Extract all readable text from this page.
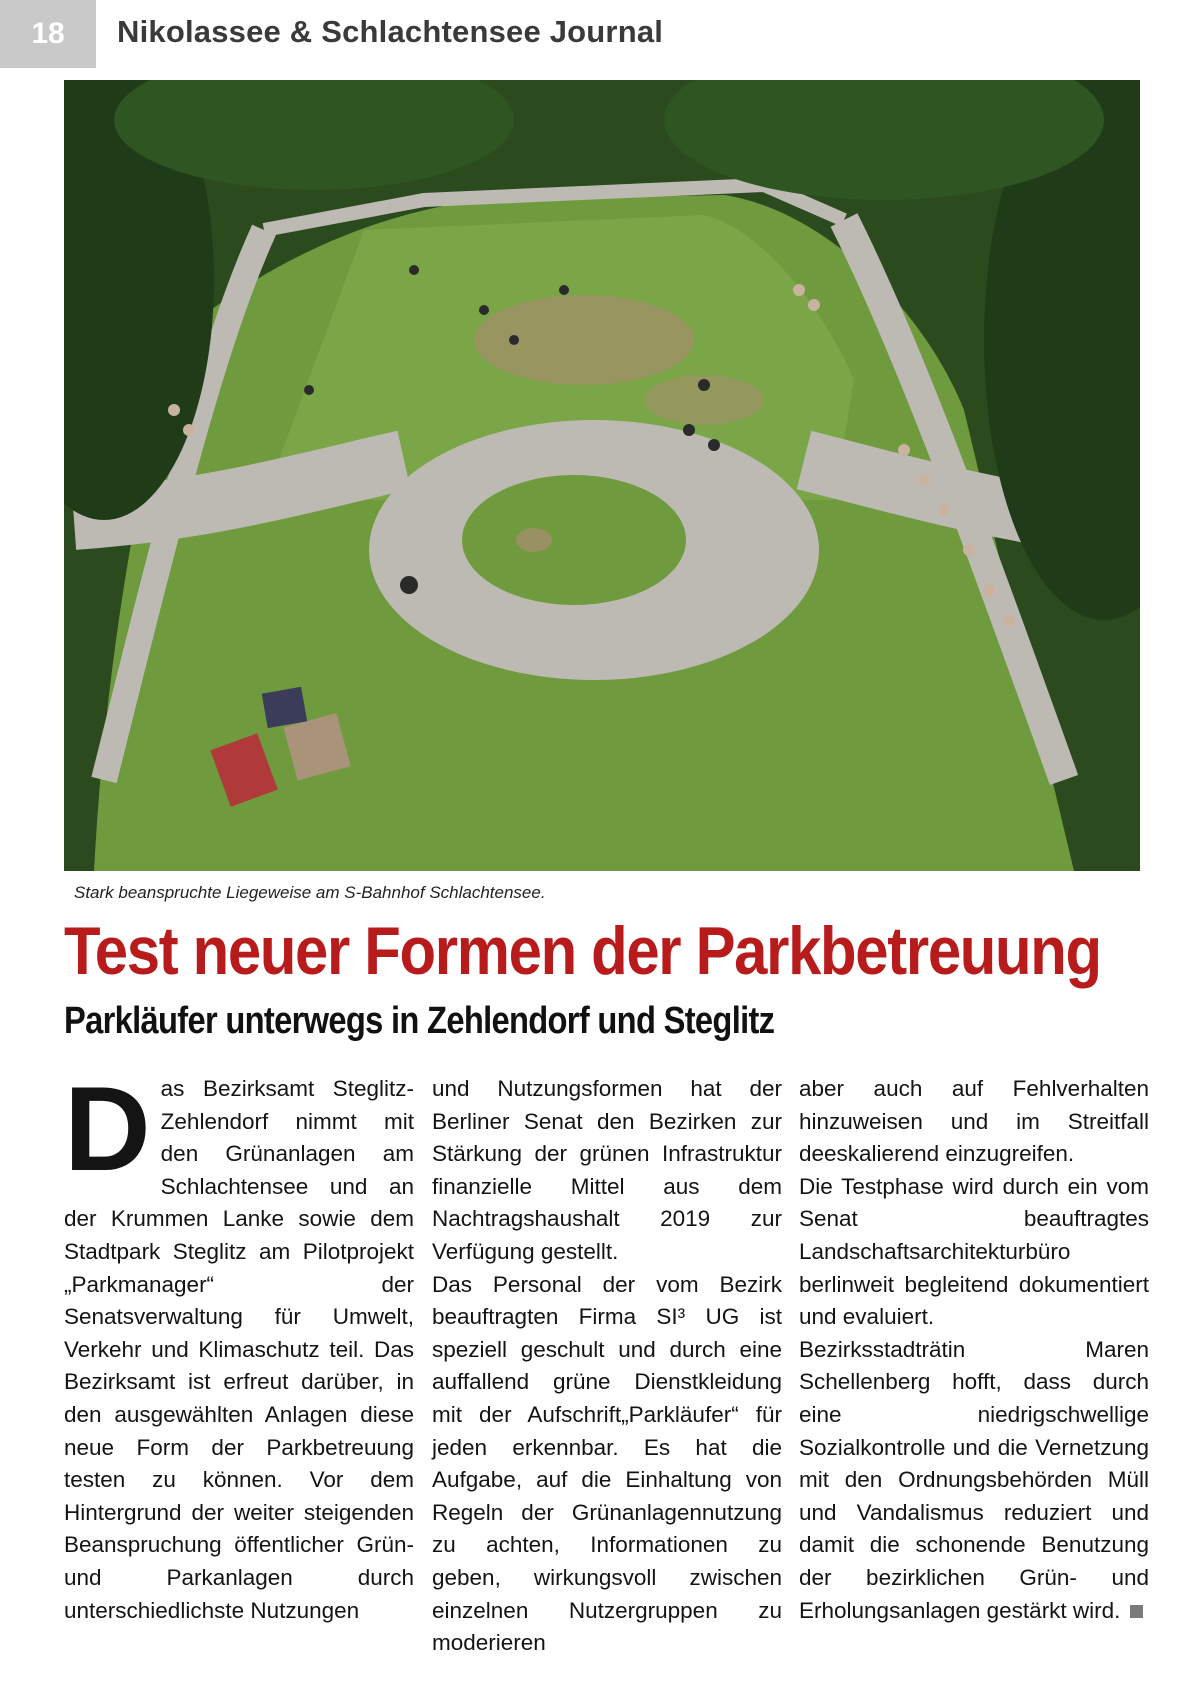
18	Nikolassee & Schlachtensee Journal
Stark beanspruchte Liegeweise am S-Bahnhof Schlachtensee.
Test neuer Formen der Parkbetreuung
Parkläufer unterwegs in Zehlendorf und Steglitz
D as Bezirksamt Steglitz-Zehlendorf nimmt mit den Grünanlagen am Schlachtensee und an der Krummen Lanke sowie dem Stadtpark Steglitz am Pilotprojekt „Parkmanager“ der Senatsverwaltung für Umwelt, Verkehr und Klimaschutz teil. Das Bezirksamt ist erfreut darüber, in den ausgewählten Anlagen diese neue Form der Parkbetreuung testen zu können. Vor dem Hintergrund der weiter steigenden Beanspruchung öffentlicher Grün- und Parkanlagen durch unterschiedlichste Nutzungen

und Nutzungsformen hat der Berliner Senat den Bezirken zur Stärkung der grünen Infrastruktur finanzielle Mittel aus dem Nachtragshaushalt 2019 zur Verfügung gestellt.

Das Personal der vom Bezirk beauftragten Firma SI³ UG ist speziell geschult und durch eine auffallend grüne Dienstkleidung mit der Aufschrift„Parkläufer“ für jeden erkennbar. Es hat die Aufgabe, auf die Einhaltung von Regeln der Grünanlagennutzung zu achten, Informationen zu geben, wirkungsvoll zwischen einzelnen Nutzergruppen zu moderieren

aber auch auf Fehlverhalten hinzuweisen und im Streitfall deeskalierend einzugreifen.

Die Testphase wird durch ein vom Senat beauftragtes Landschaftsarchitekturbüro berlinweit begleitend dokumentiert und evaluiert.

Bezirksstadträtin Maren Schellenberg hofft, dass durch eine niedrigschwellige Sozialkontrolle und die Vernetzung mit den Ordnungsbehörden Müll und Vandalismus reduziert und damit die schonende Benutzung der bezirklichen Grün- und Erholungsanlagen gestärkt wird.
